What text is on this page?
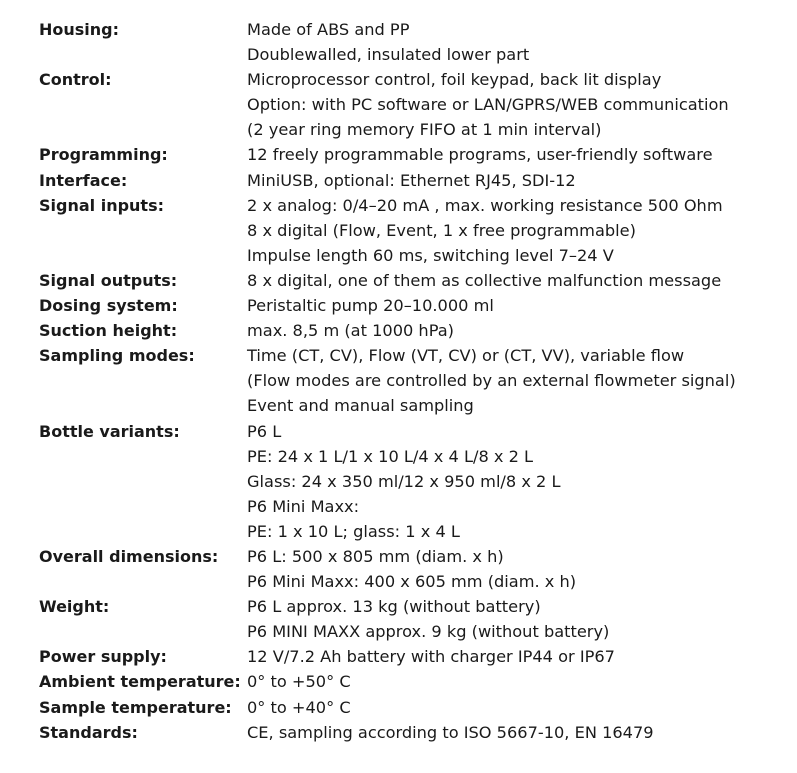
Housing:	Made of ABS and PP
Doublewalled, insulated lower part
Control:	Microprocessor control, foil keypad, back lit display
Option: with PC software or LAN/GPRS/WEB communication
(2 year ring memory FIFO at 1 min interval)
Programming:	12 freely programmable programs, user-friendly software
Interface:	MiniUSB, optional: Ethernet RJ45, SDI-12
Signal inputs:	2 x analog: 0/4–20 mA , max. working resistance 500 Ohm
8 x digital (Flow, Event, 1 x free programmable)
Impulse length 60 ms, switching level 7–24 V
Signal outputs:	8 x digital, one of them as collective malfunction message
Dosing system:	Peristaltic pump 20–10.000 ml
Suction height:	max. 8,5 m (at 1000 hPa)
Sampling modes:	Time (CT, CV), Flow (VT, CV) or (CT, VV), variable flow
(Flow modes are controlled by an external flowmeter signal)
Event and manual sampling
Bottle variants:	P6 L
PE: 24 x 1 L/1 x 10 L/4 x 4 L/8 x 2 L
Glass: 24 x 350 ml/12 x 950 ml/8 x 2 L
P6 Mini Maxx:
PE: 1 x 10 L; glass: 1 x 4 L
Overall dimensions:	P6 L: 500 x 805 mm (diam. x h)
P6 Mini Maxx: 400 x 605 mm (diam. x h)
Weight:	P6 L approx. 13 kg (without battery)
P6 MINI MAXX approx. 9 kg (without battery)
Power supply:	12 V/7.2 Ah battery with charger IP44 or IP67
Ambient temperature: 0° to +50° C
Sample temperature: 0° to +40° C
Standards:	CE, sampling according to ISO 5667-10, EN 16479
